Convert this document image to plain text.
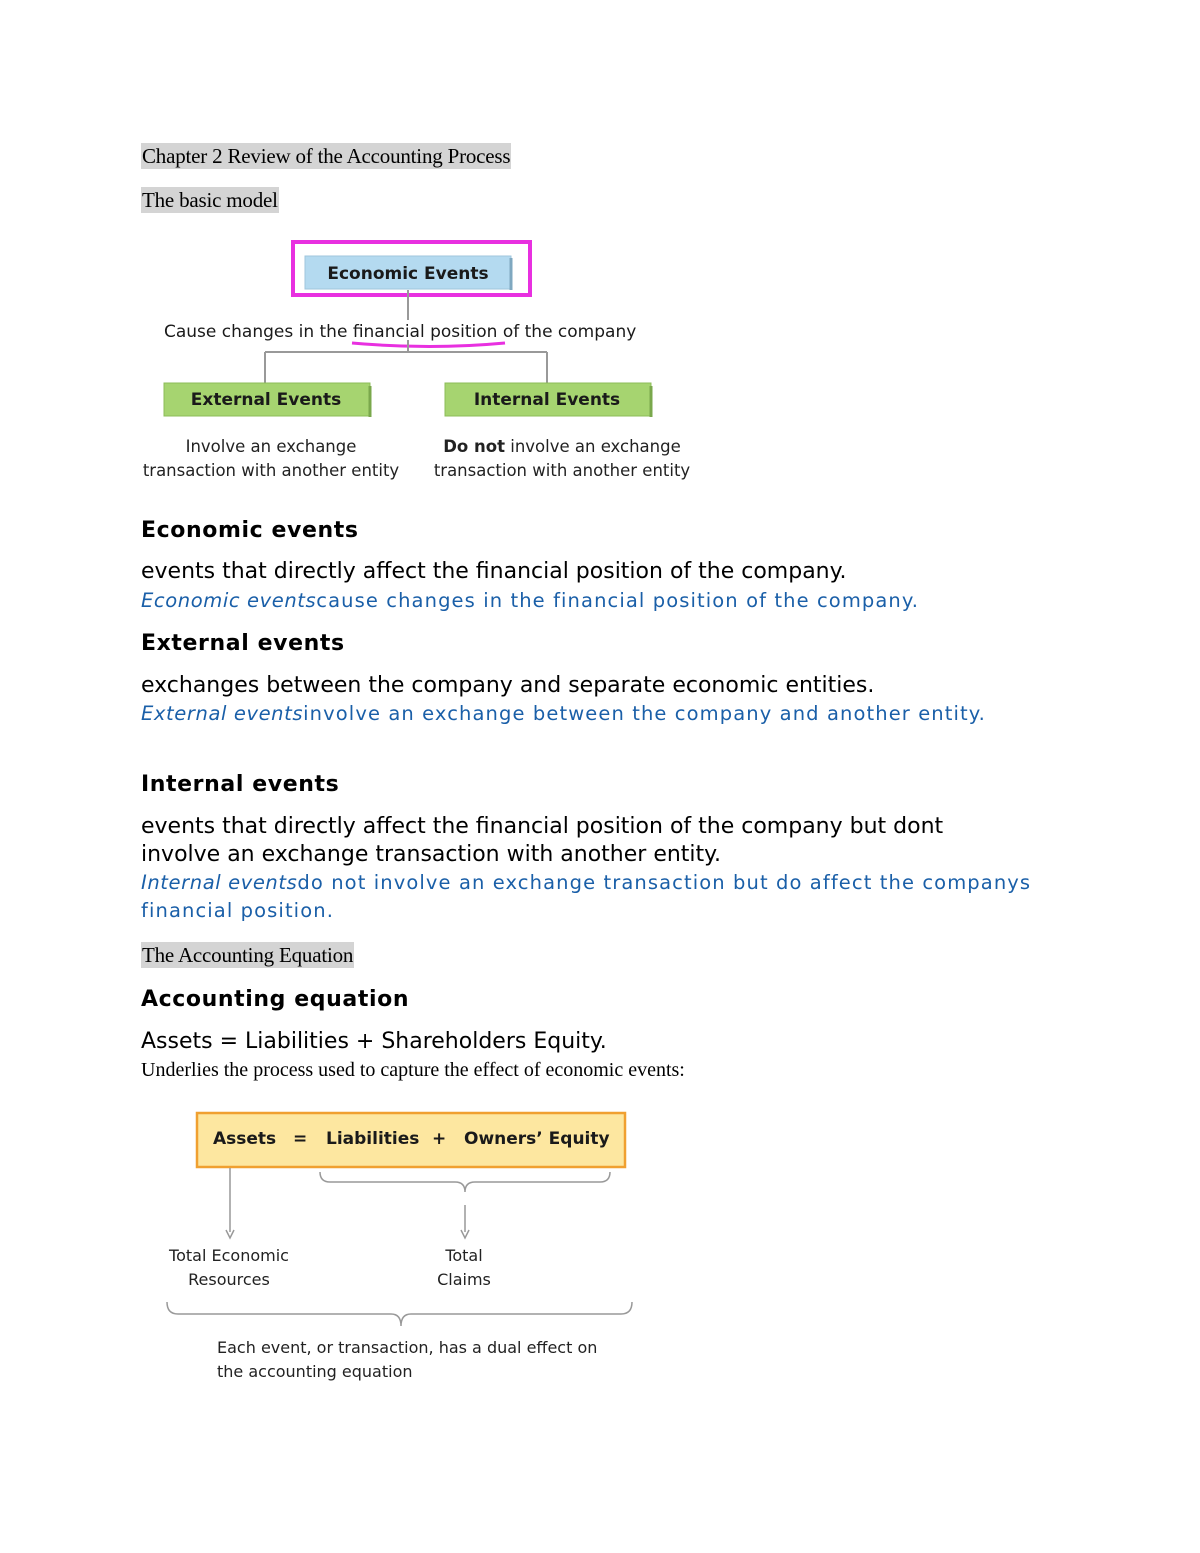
Chapter 2 Review of the Accounting Process
The basic model
Economic Events
Cause changes in the financial position of the company
External Events	Internal Events
Involve an exchange
transaction with another entity
Do not involve an exchange
transaction with another entity
Economic events
events that directly affect the financial position of the company.
Economic eventscause changes in the financial position of the company.
External events
exchanges between the company and separate economic entities.
External eventsinvolve an exchange between the company and another entity.
Internal events
events that directly affect the financial position of the company but dont
involve an exchange transaction with another entity.
Internal eventsdo not involve an exchange transaction but do affect the companys financial position.
The Accounting Equation
Accounting equation
Assets = Liabilities + Shareholders Equity.
Underlies the process used to capture the effect of economic events:
Assets = Liabilities + Owners’ Equity
Total Economic
Resources
Total
Claims
Each event, or transaction, has a dual effect on
the accounting equation
